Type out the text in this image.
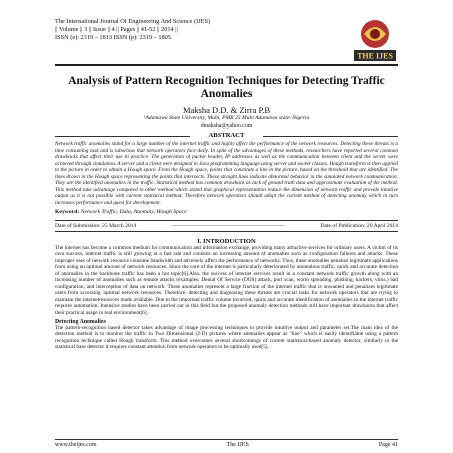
The International Journal Of Engineering And Science (IJES)
|| Volume || 3 || Issue || 4 || Pages || 41-52 || 2014 ||
ISSN (e): 2319 – 1813 ISSN (p): 2319 – 1805
THE IJES
Analysis of Pattern Recognition Techniques for Detecting Traffic Anomalies
Maksha D.D. & Zirra P.B
¹Adamawa State University, Mubi, PMB 25 Mubi Adamawa state–Nigeria
dmaksha@yahoo.com
ABSTRACT
Network traffic anomalies stand for a large number of the internet traffic and highly affect the performance of the network resources. Detecting these threats is a time consuming task and is laborious that network operators face daily. In spite of the advantages of these methods, researchers have reported several common drawbacks that affect their use in practice. The generation of packet header, IP addresses as well as the communication between client and the server were achieved through simulation. A server and a client were designed in Java programming language using server and socket classes. Hough transform is then applied to the picture in order to obtain a Hough space. From the Hough space, points that constitute a line in the picture, based on the threshold that are identified. The lines drawn in the Hough space representing the points that intersects. These straight lines indicate abnormal behavior in the simulated network communication. They are the identified anomalies in the traffic. Statistical method has common drawback as lack of ground truth data and approximate evaluation of the method. This method take advantage compared to other method which stated that graphical representation reduce the dimension of network traffic and provide intuitive output as it is not possible with current statistical method. Therefore network operators should adopt the current method of detecting anomaly which in turn increases performance and quest for development.
Keyword: Network Traffic, Data, Anomaly, Hough Space
Date of Submission: 25 March 2014	------------------------------------------------------------------------	Date of Publication: 20 April 2014
I. INTRODUCTION
The internet has become a common medium for communication and information exchange, providing many attractive services for ordinary users. A victim of its own success, internet traffic is still growing at a fast rate and contains an increasing amount of anomalies such as configuration failures and attacks. These improper uses of network resource consume bandwidth and adversely affect the performance of networks. Thus, these anomalies penalize legitimate applications from using an optimal amount of network resources. Since the core of the internet is particularly deteriorated by anomalous traffic, quick and accurate detection of anomalies in the backbone traffic has been a hot topic[6].Also, the success of internet services result in a constant network traffic growth along with an increasing number of anomalies such as remote attacks (examples; Denial Of Service (DOS) attack, port scan, worm spreading, phishing, hackers, virus,) bad configuration, and interception of data on network. These anomalies represent a large fraction of the internet traffic that is unwanted and penalizes legitimate users from accessing 'optimal network resources. Therefore, detecting and diagnosing these threats are crucial tasks for network operators that are trying to maintain the internetresources made available. Due to the important traffic volume involved, quick and accurate identification of anomalies in the internet traffic requires automation. Intensive studies have been carried out in this field but the proposed anomaly detection methods still have important drawbacks that affect their practical usage in real environment[6].
Detecting Anomalies
The pattern-recognition based detector takes advantage of image processing techniques to provide intuitive output and parameter set.The main idea of the detection method is to monitor the traffic in Two Dimensional (2-D) pictures where anomalies appear as "line" which is easily identifiable using a pattern recognition technique called Hough transform. This method overcomes several shortcomings of current statistical-based anomaly detector, similarly to the statistical base detector it requires constant attention from network operators to be optimally used[5].
www.theijes.com	The IJES	Page 41
